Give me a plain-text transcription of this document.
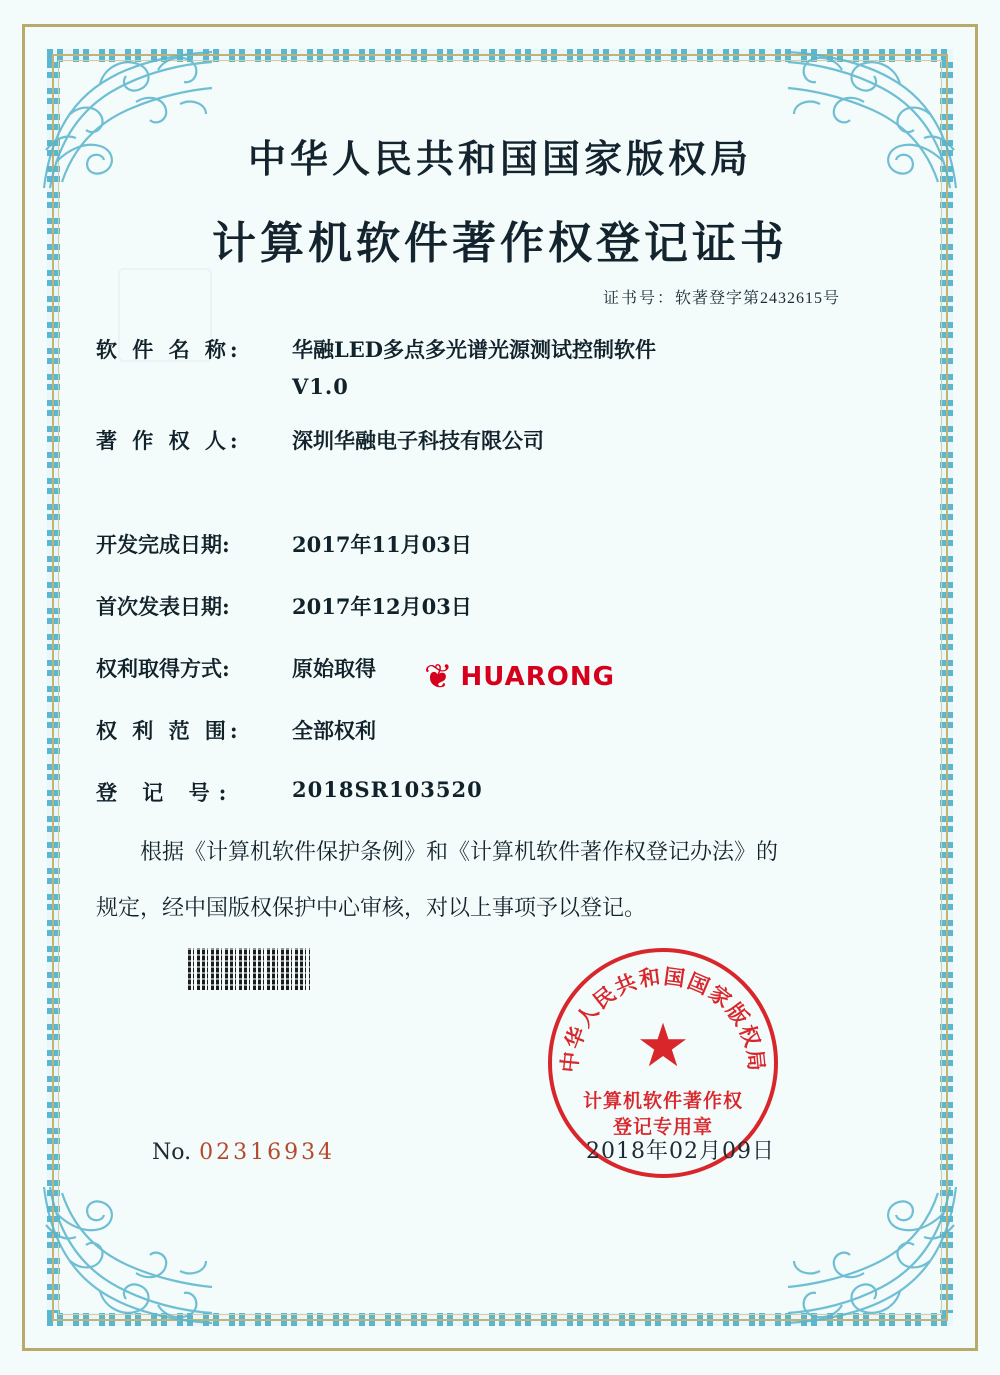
中华人民共和国国家版权局
计算机软件著作权登记证书
证书号：软著登字第2432615号
软 件 名 称:	华融LED多点多光谱光源测试控制软件
V1.0
著 作 权 人:	深圳华融电子科技有限公司
开发完成日期:	2017年11月03日
首次发表日期:	2017年12月03日
权利取得方式:	原始取得
权 利 范 围:	全部权利
登 记 号:	2018SR103520
根据《计算机软件保护条例》和《计算机软件著作权登记办法》的
规定，经中国版权保护中心审核，对以上事项予以登记。
❦ HUARONG
中华人民共和国国家版权局
★
计算机软件著作权
登记专用章
2018年02月09日
No. 02316934
